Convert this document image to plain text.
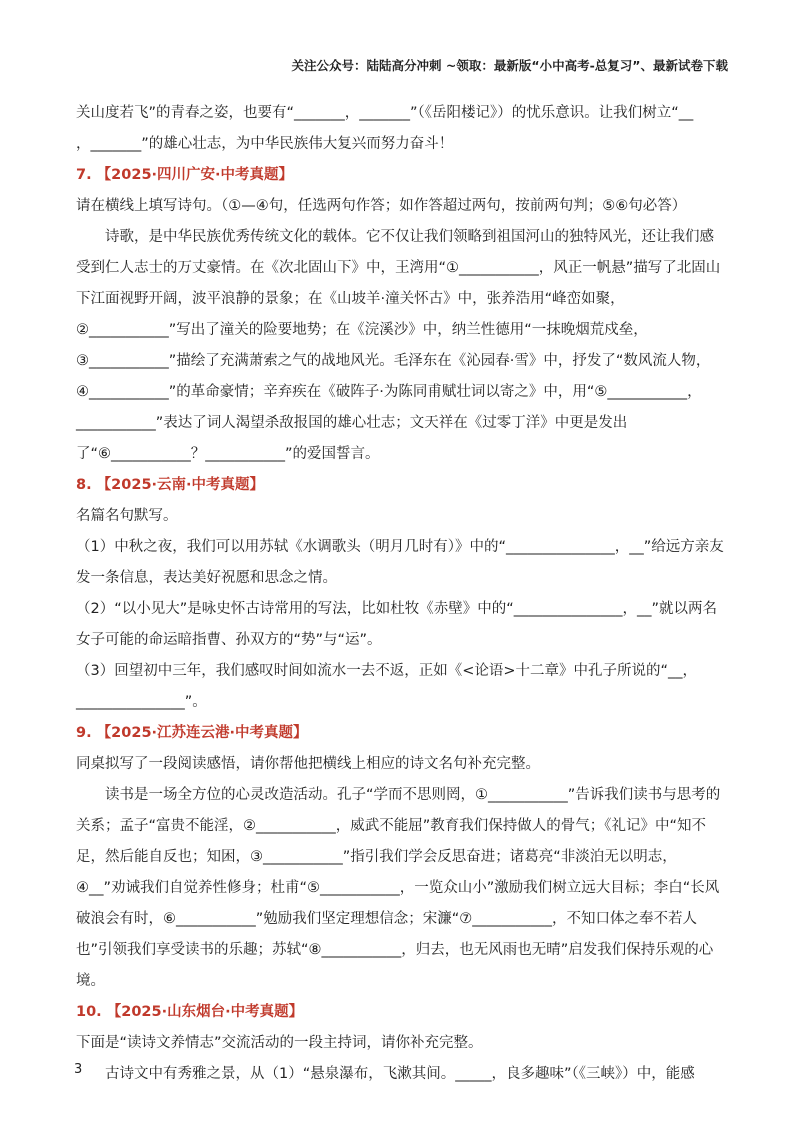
关注公众号：陆陆高分冲刺 ~领取：最新版“小中高考-总复习”、最新试卷下载

关山度若飞”的青春之姿，也要有“_______，_______”（《岳阳楼记》）的忧乐意识。让我们树立“__

，_______”的雄心壮志，为中华民族伟大复兴而努力奋斗！

7. 【2025·四川广安·中考真题】

请在横线上填写诗句。（①—④句，任选两句作答；如作答超过两句，按前两句判；⑤⑥句必答）

诗歌，是中华民族优秀传统文化的载体。它不仅让我们领略到祖国河山的独特风光，还让我们感受到仁人志士的万丈豪情。在《次北固山下》中，王湾用“①___________，风正一帆悬”描写了北固山下江面视野开阔，波平浪静的景象；在《山坡羊·潼关怀古》中，张养浩用“峰峦如聚，②___________”写出了潼关的险要地势；在《浣溪沙》中，纳兰性德用“一抹晚烟荒戍垒，③___________”描绘了充满萧索之气的战地风光。毛泽东在《沁园春·雪》中，抒发了“数风流人物，④___________”的革命豪情；辛弃疾在《破阵子·为陈同甫赋壮词以寄之》中，用“⑤___________，___________”表达了词人渴望杀敌报国的雄心壮志；文天祥在《过零丁洋》中更是发出了“⑥___________？___________”的爱国誓言。

8. 【2025·云南·中考真题】

名篇名句默写。

（1）中秋之夜，我们可以用苏轼《水调歌头（明月几时有）》中的“_______________，__”给远方亲友发一条信息，表达美好祝愿和思念之情。

（2）“以小见大”是咏史怀古诗常用的写法，比如杜牧《赤壁》中的“_______________，__”就以两名女子可能的命运暗指曹、孙双方的“势”与“运”。

（3）回望初中三年，我们感叹时间如流水一去不返，正如《<论语>十二章》中孔子所说的“__，_______________”。

9. 【2025·江苏连云港·中考真题】

同桌拟写了一段阅读感悟，请你帮他把横线上相应的诗文名句补充完整。

读书是一场全方位的心灵改造活动。孔子“学而不思则罔，①___________”告诉我们读书与思考的关系；孟子“富贵不能淫，②___________，威武不能屈”教育我们保持做人的骨气；《礼记》中“知不足，然后能自反也；知困，③___________”指引我们学会反思奋进；诸葛亮“非淡泊无以明志，④__”劝诫我们自觉养性修身；杜甫“⑤___________，一览众山小”激励我们树立远大目标；李白“长风破浪会有时，⑥___________”勉励我们坚定理想信念；宋濂“⑦___________，不知口体之奉不若人也”引领我们享受读书的乐趣；苏轼“⑧___________，归去，也无风雨也无晴”启发我们保持乐观的心境。

10. 【2025·山东烟台·中考真题】

下面是“读诗文养情志”交流活动的一段主持词，请你补充完整。

古诗文中有秀雅之景，从（1）“悬泉瀑布，飞漱其间。_____，良多趣味”（《三峡》）中，能感

3
